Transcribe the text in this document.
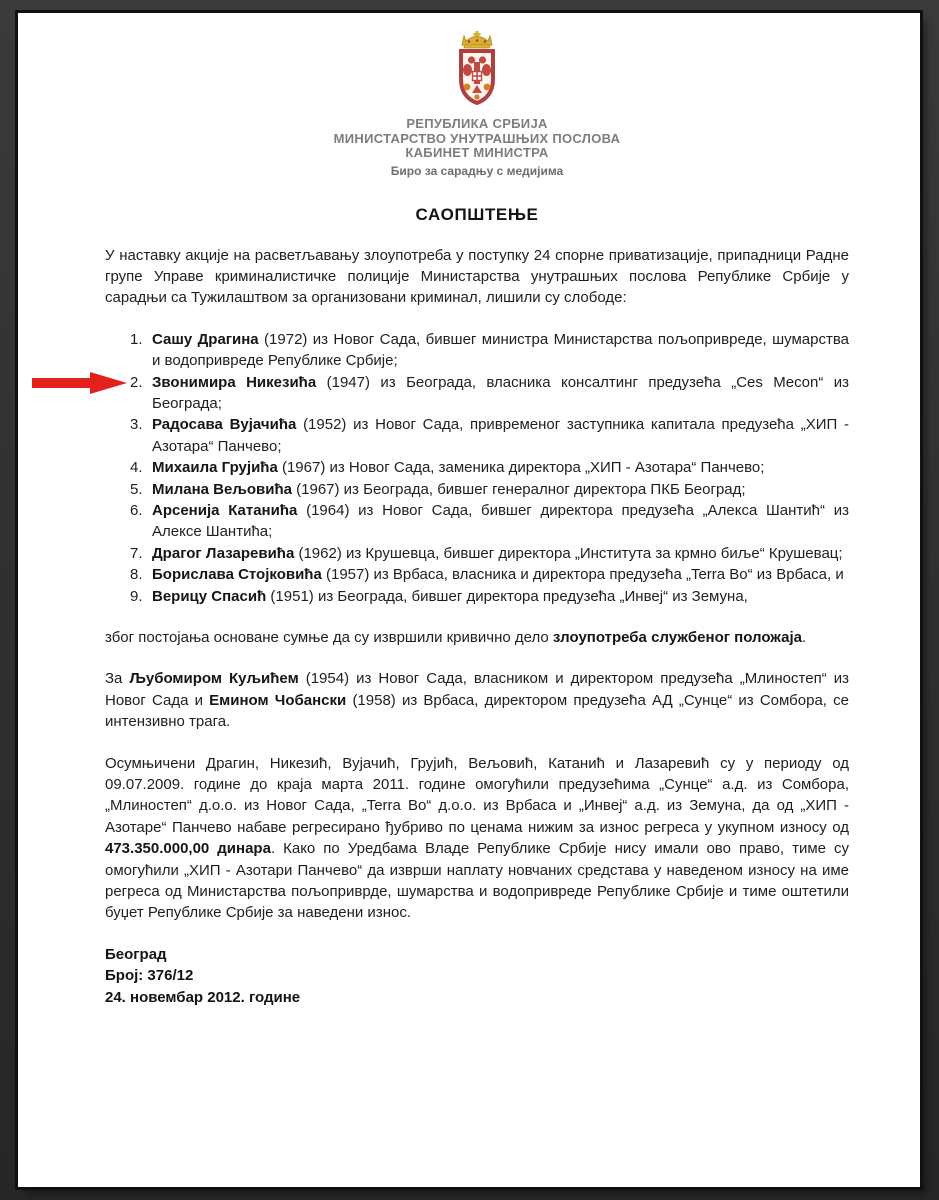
РЕПУБЛИКА СРБИЈА
МИНИСТАРСТВО УНУТРАШЊИХ ПОСЛОВА
КАБИНЕТ МИНИСТРА
Биро за сарадњу с медијима
САОПШТЕЊЕ

У наставку акције на расветљавању злоупотреба у поступку 24 спорне приватизације, припадници Радне групе Управе криминалистичке полиције Министарства унутрашњих послова Републике Србије у сарадњи са Тужилаштвом за организовани криминал, лишили су слободе:

1. Сашу Драгина (1972) из Новог Сада, бившег министра Министарства пољопривреде, шумарства и водопривреде Републике Србије;
2. Звонимира Никезића (1947) из Београда, власника консалтинг предузећа „Ces Mecon“ из Београда;
3. Радосава Вујачића (1952) из Новог Сада, привременог заступника капитала предузећа „ХИП - Азотара“ Панчево;
4. Михаила Грујића (1967) из Новог Сада, заменика директора „ХИП - Азотара“ Панчево;
5. Милана Вељовића (1967) из Београда, бившег генералног директора ПКБ Београд;
6. Арсенија Катанића (1964) из Новог Сада, бившег директора предузећа „Алекса Шантић“ из Алексе Шантића;
7. Драгог Лазаревића (1962) из Крушевца, бившег директора „Института за крмно биље“ Крушевац;
8. Борислава Стојковића (1957) из Врбаса, власника и директора предузећа „Terra Bo“ из Врбаса, и
9. Верицу Спасић (1951) из Београда, бившег директора предузећа „Инвеј“ из Земуна,

због постојања основане сумње да су извршили кривично дело злоупотреба службеног положаја.

За Љубомиром Куљићем (1954) из Новог Сада, власником и директором предузећа „Млиностеп“ из Новог Сада и Емином Чобански (1958) из Врбаса, директором предузећа АД „Сунце“ из Сомбора, се интензивно трага.

Осумњичени Драгин, Никезић, Вујачић, Грујић, Вељовић, Катанић и Лазаревић су у периоду од 09.07.2009. године до краја марта 2011. године омогућили предузећима „Сунце“ а.д. из Сомбора, „Млиностеп“ д.о.о. из Новог Сада, „Terra Bo“ д.о.о. из Врбаса и „Инвеј“ а.д. из Земуна, да од „ХИП - Азотаре“ Панчево набаве регресирано ђубриво по ценама нижим за износ регреса у укупном износу од 473.350.000,00 динара. Како по Уредбама Владе Републике Србије нису имали ово право, тиме су омогућили „ХИП - Азотари Панчево“ да изврши наплату новчаних средстава у наведеном износу на име регреса од Министарства пољоприврде, шумарства и водопривреде Републике Србије и тиме оштетили буџет Републике Србије за наведени износ.

Београд
Број: 376/12
24. новембар 2012. године
